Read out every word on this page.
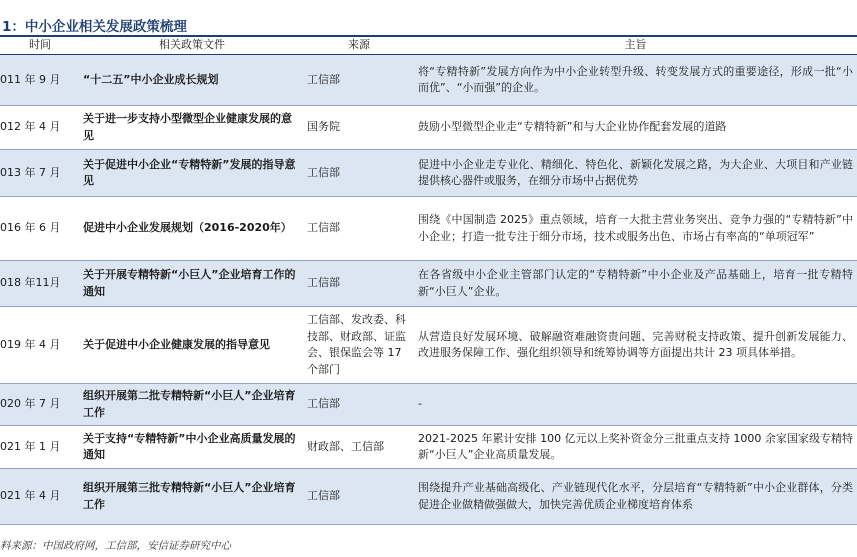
1：中小企业相关发展政策梳理
时间	相关政策文件	来源	主旨
011 年 9 月	“十二五”中小企业成长规划	工信部	将“专精特新”发展方向作为中小企业转型升级、转变发展方式的重要途径，形成一批“小而优”、“小而强”的企业。
012 年 4 月	关于进一步支持小型微型企业健康发展的意见	国务院	鼓励小型微型企业走“专精特新”和与大企业协作配套发展的道路
013 年 7 月	关于促进中小企业“专精特新”发展的指导意见	工信部	促进中小企业走专业化、精细化、特色化、新颖化发展之路，为大企业、大项目和产业链提供核心器件或服务，在细分市场中占据优势
016 年 6 月	促进中小企业发展规划（2016-2020年）	工信部	围绕《中国制造 2025》重点领域，培育一大批主营业务突出、竞争力强的“专精特新”中小企业；打造一批专注于细分市场，技术或服务出色、市场占有率高的“单项冠军”
018 年11月	关于开展专精特新“小巨人”企业培育工作的通知	工信部	在各省级中小企业主管部门认定的“专精特新”中小企业及产品基础上，培育一批专精特新“小巨人”企业。
019 年 4 月	关于促进中小企业健康发展的指导意见	工信部、发改委、科技部、财政部、证监会、银保监会等 17 个部门	从营造良好发展环境、破解融资难融资贵问题、完善财税支持政策、提升创新发展能力、改进服务保障工作、强化组织领导和统筹协调等方面提出共计 23 项具体举措。
020 年 7 月	组织开展第二批专精特新“小巨人”企业培育工作	工信部	-
021 年 1 月	关于支持“专精特新”中小企业高质量发展的通知	财政部、工信部	2021-2025 年累计安排 100 亿元以上奖补资金分三批重点支持 1000 余家国家级专精特新“小巨人”企业高质量发展。
021 年 4 月	组织开展第三批专精特新“小巨人”企业培育工作	工信部	围绕提升产业基础高级化、产业链现代化水平，分层培育“专精特新”中小企业群体，分类促进企业做精做强做大，加快完善优质企业梯度培育体系
料来源：中国政府网，工信部，安信证券研究中心
